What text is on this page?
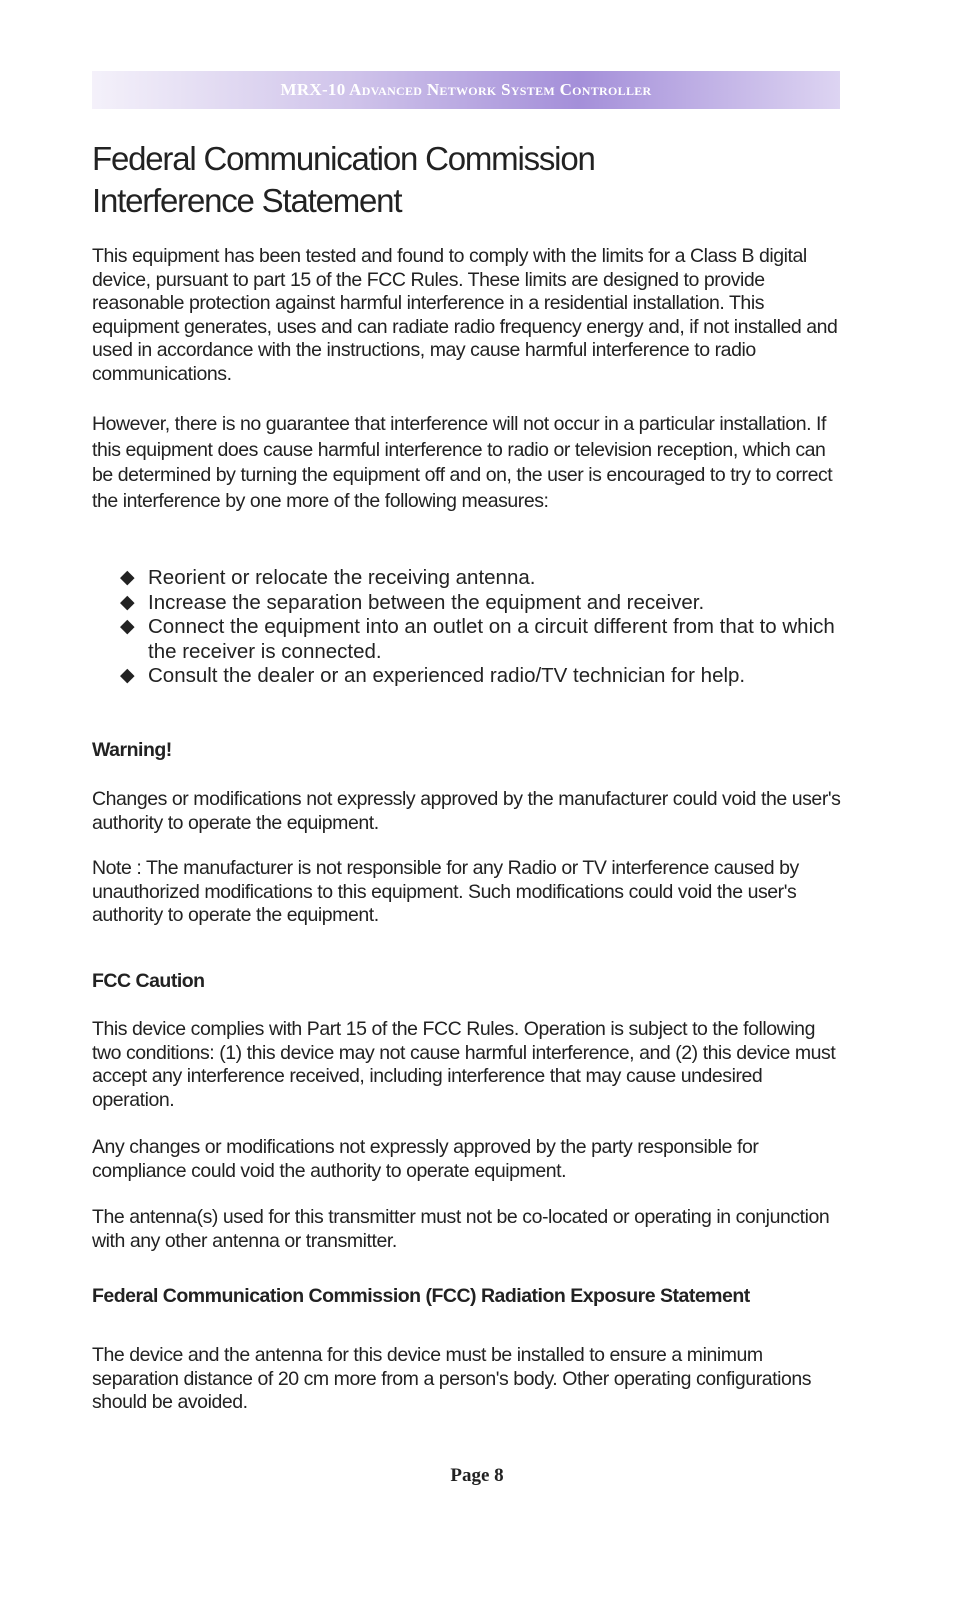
MRX-10 Advanced Network System Controller
Federal Communication Commission
Interference Statement

This equipment has been tested and found to comply with the limits for a Class B digital device, pursuant to part 15 of the FCC Rules. These limits are designed to provide reasonable protection against harmful interference in a residential installation. This equipment generates, uses and can radiate radio frequency energy and, if not installed and used in accordance with the instructions, may cause harmful interference to radio communications.

However, there is no guarantee that interference will not occur in a particular installation. If this equipment does cause harmful interference to radio or television reception, which can be determined by turning the equipment off and on, the user is encouraged to try to correct the interference by one more of the following measures:

◆ Reorient or relocate the receiving antenna.
◆ Increase the separation between the equipment and receiver.
◆ Connect the equipment into an outlet on a circuit different from that to which the receiver is connected.
◆ Consult the dealer or an experienced radio/TV technician for help.
Warning!

Changes or modifications not expressly approved by the manufacturer could void the user's authority to operate the equipment.

Note : The manufacturer is not responsible for any Radio or TV interference caused by unauthorized modifications to this equipment. Such modifications could void the user's authority to operate the equipment.

FCC Caution

This device complies with Part 15 of the FCC Rules. Operation is subject to the following two conditions: (1) this device may not cause harmful interference, and (2) this device must accept any interference received, including interference that may cause undesired operation.

Any changes or modifications not expressly approved by the party responsible for compliance could void the authority to operate equipment.

The antenna(s) used for this transmitter must not be co-located or operating in conjunction with any other antenna or transmitter.

Federal Communication Commission (FCC) Radiation Exposure Statement

The device and the antenna for this device must be installed to ensure a minimum separation distance of 20 cm more from a person's body. Other operating configurations should be avoided.

Page 8
